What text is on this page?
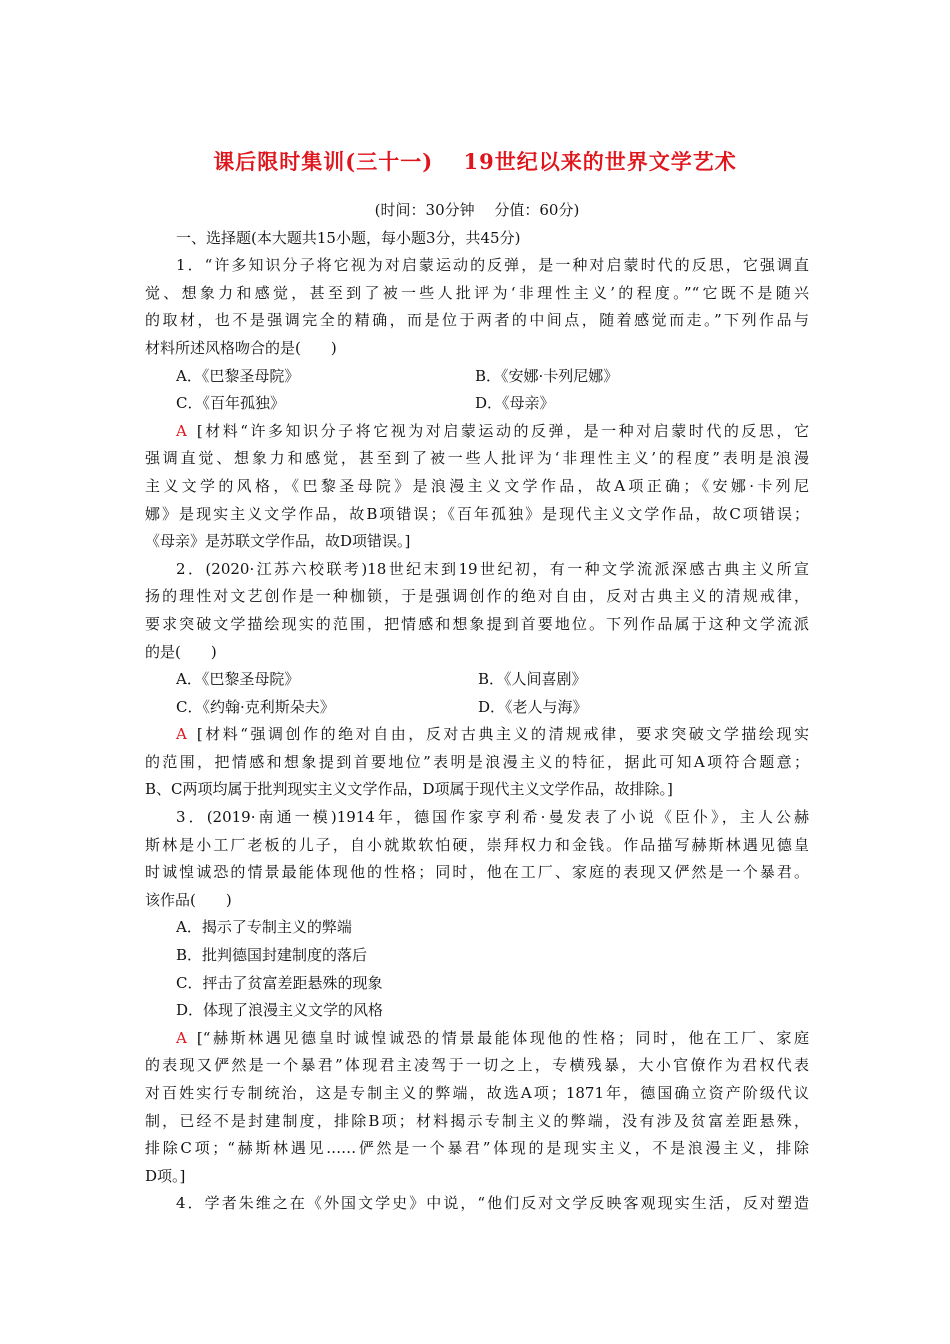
课后限时集训(三十一)　 19世纪以来的世界文学艺术
(时间：30分钟　 分值：60分)
一、选择题(本大题共15小题，每小题3分，共45分)
1．“许多知识分子将它视为对启蒙运动的反弹，是一种对启蒙时代的反思，它强调直
觉、想象力和感觉，甚至到了被一些人批评为‘非理性主义’的程度。”“它既不是随兴
的取材，也不是强调完全的精确，而是位于两者的中间点，随着感觉而走。”下列作品与
材料所述风格吻合的是(　　)
A．《巴黎圣母院》	B．《安娜·卡列尼娜》
C．《百年孤独》	D．《母亲》
A [材料“许多知识分子将它视为对启蒙运动的反弹，是一种对启蒙时代的反思，它
强调直觉、想象力和感觉，甚至到了被一些人批评为‘非理性主义’的程度”表明是浪漫
主义文学的风格，《巴黎圣母院》是浪漫主义文学作品，故A项正确；《安娜·卡列尼
娜》是现实主义文学作品，故B项错误；《百年孤独》是现代主义文学作品，故C项错误；
《母亲》是苏联文学作品，故D项错误。]
2．(2020·江苏六校联考)18世纪末到19世纪初，有一种文学流派深感古典主义所宣
扬的理性对文艺创作是一种枷锁，于是强调创作的绝对自由，反对古典主义的清规戒律，
要求突破文学描绘现实的范围，把情感和想象提到首要地位。下列作品属于这种文学流派
的是(　　)
A．《巴黎圣母院》	B．《人间喜剧》
C．《约翰·克利斯朵夫》	D．《老人与海》
A [材料“强调创作的绝对自由，反对古典主义的清规戒律，要求突破文学描绘现实
的范围，把情感和想象提到首要地位”表明是浪漫主义的特征，据此可知A项符合题意；
B、C两项均属于批判现实主义文学作品，D项属于现代主义文学作品，故排除。]
3．(2019·南通一模)1914年，德国作家亨利希·曼发表了小说《臣仆》，主人公赫
斯林是小工厂老板的儿子，自小就欺软怕硬，崇拜权力和金钱。作品描写赫斯林遇见德皇
时诚惶诚恐的情景最能体现他的性格；同时，他在工厂、家庭的表现又俨然是一个暴君。
该作品(　　)
A．揭示了专制主义的弊端
B．批判德国封建制度的落后
C．抨击了贫富差距悬殊的现象
D．体现了浪漫主义文学的风格
A [“赫斯林遇见德皇时诚惶诚恐的情景最能体现他的性格；同时，他在工厂、家庭
的表现又俨然是一个暴君”体现君主凌驾于一切之上，专横残暴，大小官僚作为君权代表
对百姓实行专制统治，这是专制主义的弊端，故选A项；1871年，德国确立资产阶级代议
制，已经不是封建制度，排除B项；材料揭示专制主义的弊端，没有涉及贫富差距悬殊，
排除C项；“赫斯林遇见……俨然是一个暴君”体现的是现实主义，不是浪漫主义，排除
D项。]
4．学者朱维之在《外国文学史》中说，“他们反对文学反映客观现实生活，反对塑造
